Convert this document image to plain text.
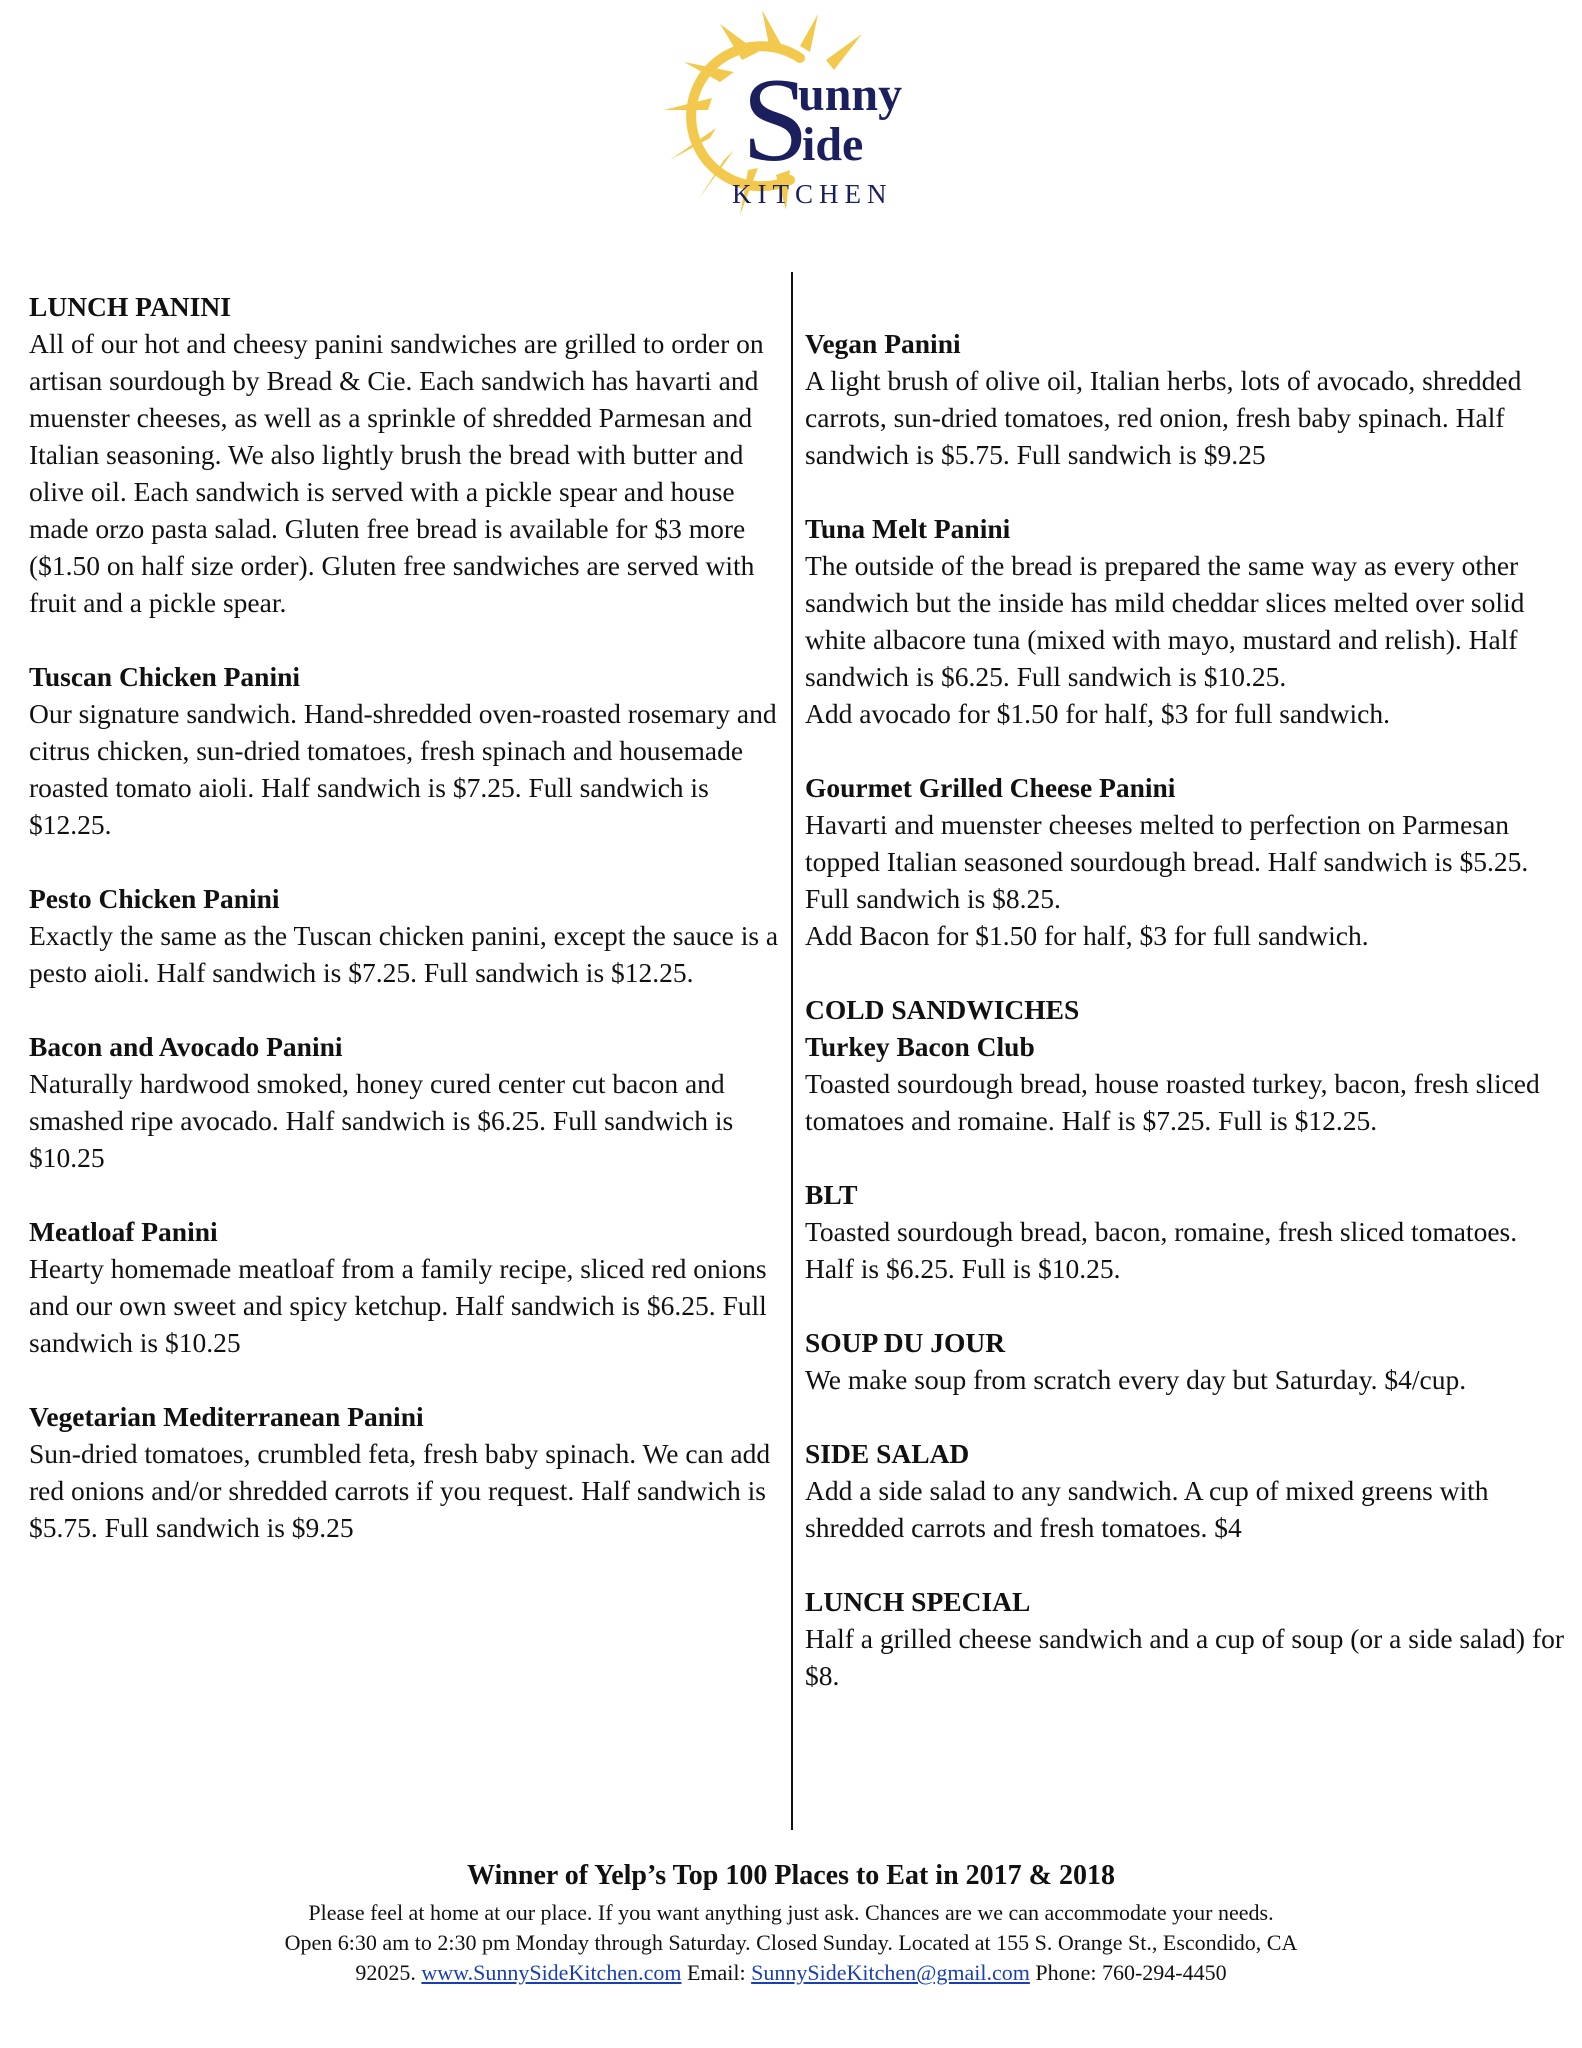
S
unny
ide
KITCHEN

LUNCH PANINI

All of our hot and cheesy panini sandwiches are grilled to order on artisan sourdough by Bread & Cie. Each sandwich has havarti and muenster cheeses, as well as a sprinkle of shredded Parmesan and Italian seasoning. We also lightly brush the bread with butter and olive oil. Each sandwich is served with a pickle spear and house made orzo pasta salad. Gluten free bread is available for $3 more ($1.50 on half size order). Gluten free sandwiches are served with fruit and a pickle spear.

Tuscan Chicken Panini

Our signature sandwich. Hand-shredded oven-roasted rosemary and citrus chicken, sun-dried tomatoes, fresh spinach and housemade roasted tomato aioli. Half sandwich is $7.25. Full sandwich is $12.25.

Pesto Chicken Panini

Exactly the same as the Tuscan chicken panini, except the sauce is a pesto aioli. Half sandwich is $7.25. Full sandwich is $12.25.

Bacon and Avocado Panini

Naturally hardwood smoked, honey cured center cut bacon and smashed ripe avocado. Half sandwich is $6.25. Full sandwich is $10.25

Meatloaf Panini

Hearty homemade meatloaf from a family recipe, sliced red onions and our own sweet and spicy ketchup. Half sandwich is $6.25. Full sandwich is $10.25

Vegetarian Mediterranean Panini

Sun-dried tomatoes, crumbled feta, fresh baby spinach. We can add red onions and/or shredded carrots if you request. Half sandwich is $5.75. Full sandwich is $9.25

Vegan Panini

A light brush of olive oil, Italian herbs, lots of avocado, shredded carrots, sun-dried tomatoes, red onion, fresh baby spinach. Half sandwich is $5.75. Full sandwich is $9.25

Tuna Melt Panini

The outside of the bread is prepared the same way as every other sandwich but the inside has mild cheddar slices melted over solid white albacore tuna (mixed with mayo, mustard and relish). Half sandwich is $6.25. Full sandwich is $10.25.

Add avocado for $1.50 for half, $3 for full sandwich.

Gourmet Grilled Cheese Panini

Havarti and muenster cheeses melted to perfection on Parmesan topped Italian seasoned sourdough bread. Half sandwich is $5.25. Full sandwich is $8.25.

Add Bacon for $1.50 for half, $3 for full sandwich.

COLD SANDWICHES

Turkey Bacon Club

Toasted sourdough bread, house roasted turkey, bacon, fresh sliced tomatoes and romaine. Half is $7.25. Full is $12.25.

BLT

Toasted sourdough bread, bacon, romaine, fresh sliced tomatoes. Half is $6.25. Full is $10.25.

SOUP DU JOUR

We make soup from scratch every day but Saturday. $4/cup.

SIDE SALAD

Add a side salad to any sandwich. A cup of mixed greens with shredded carrots and fresh tomatoes. $4

LUNCH SPECIAL

Half a grilled cheese sandwich and a cup of soup (or a side salad) for $8.

Winner of Yelp’s Top 100 Places to Eat in 2017 & 2018

Please feel at home at our place. If you want anything just ask. Chances are we can accommodate your needs.

Open 6:30 am to 2:30 pm Monday through Saturday. Closed Sunday. Located at 155 S. Orange St., Escondido, CA

92025. www.SunnySideKitchen.com Email: SunnySideKitchen@gmail.com Phone: 760-294-4450
